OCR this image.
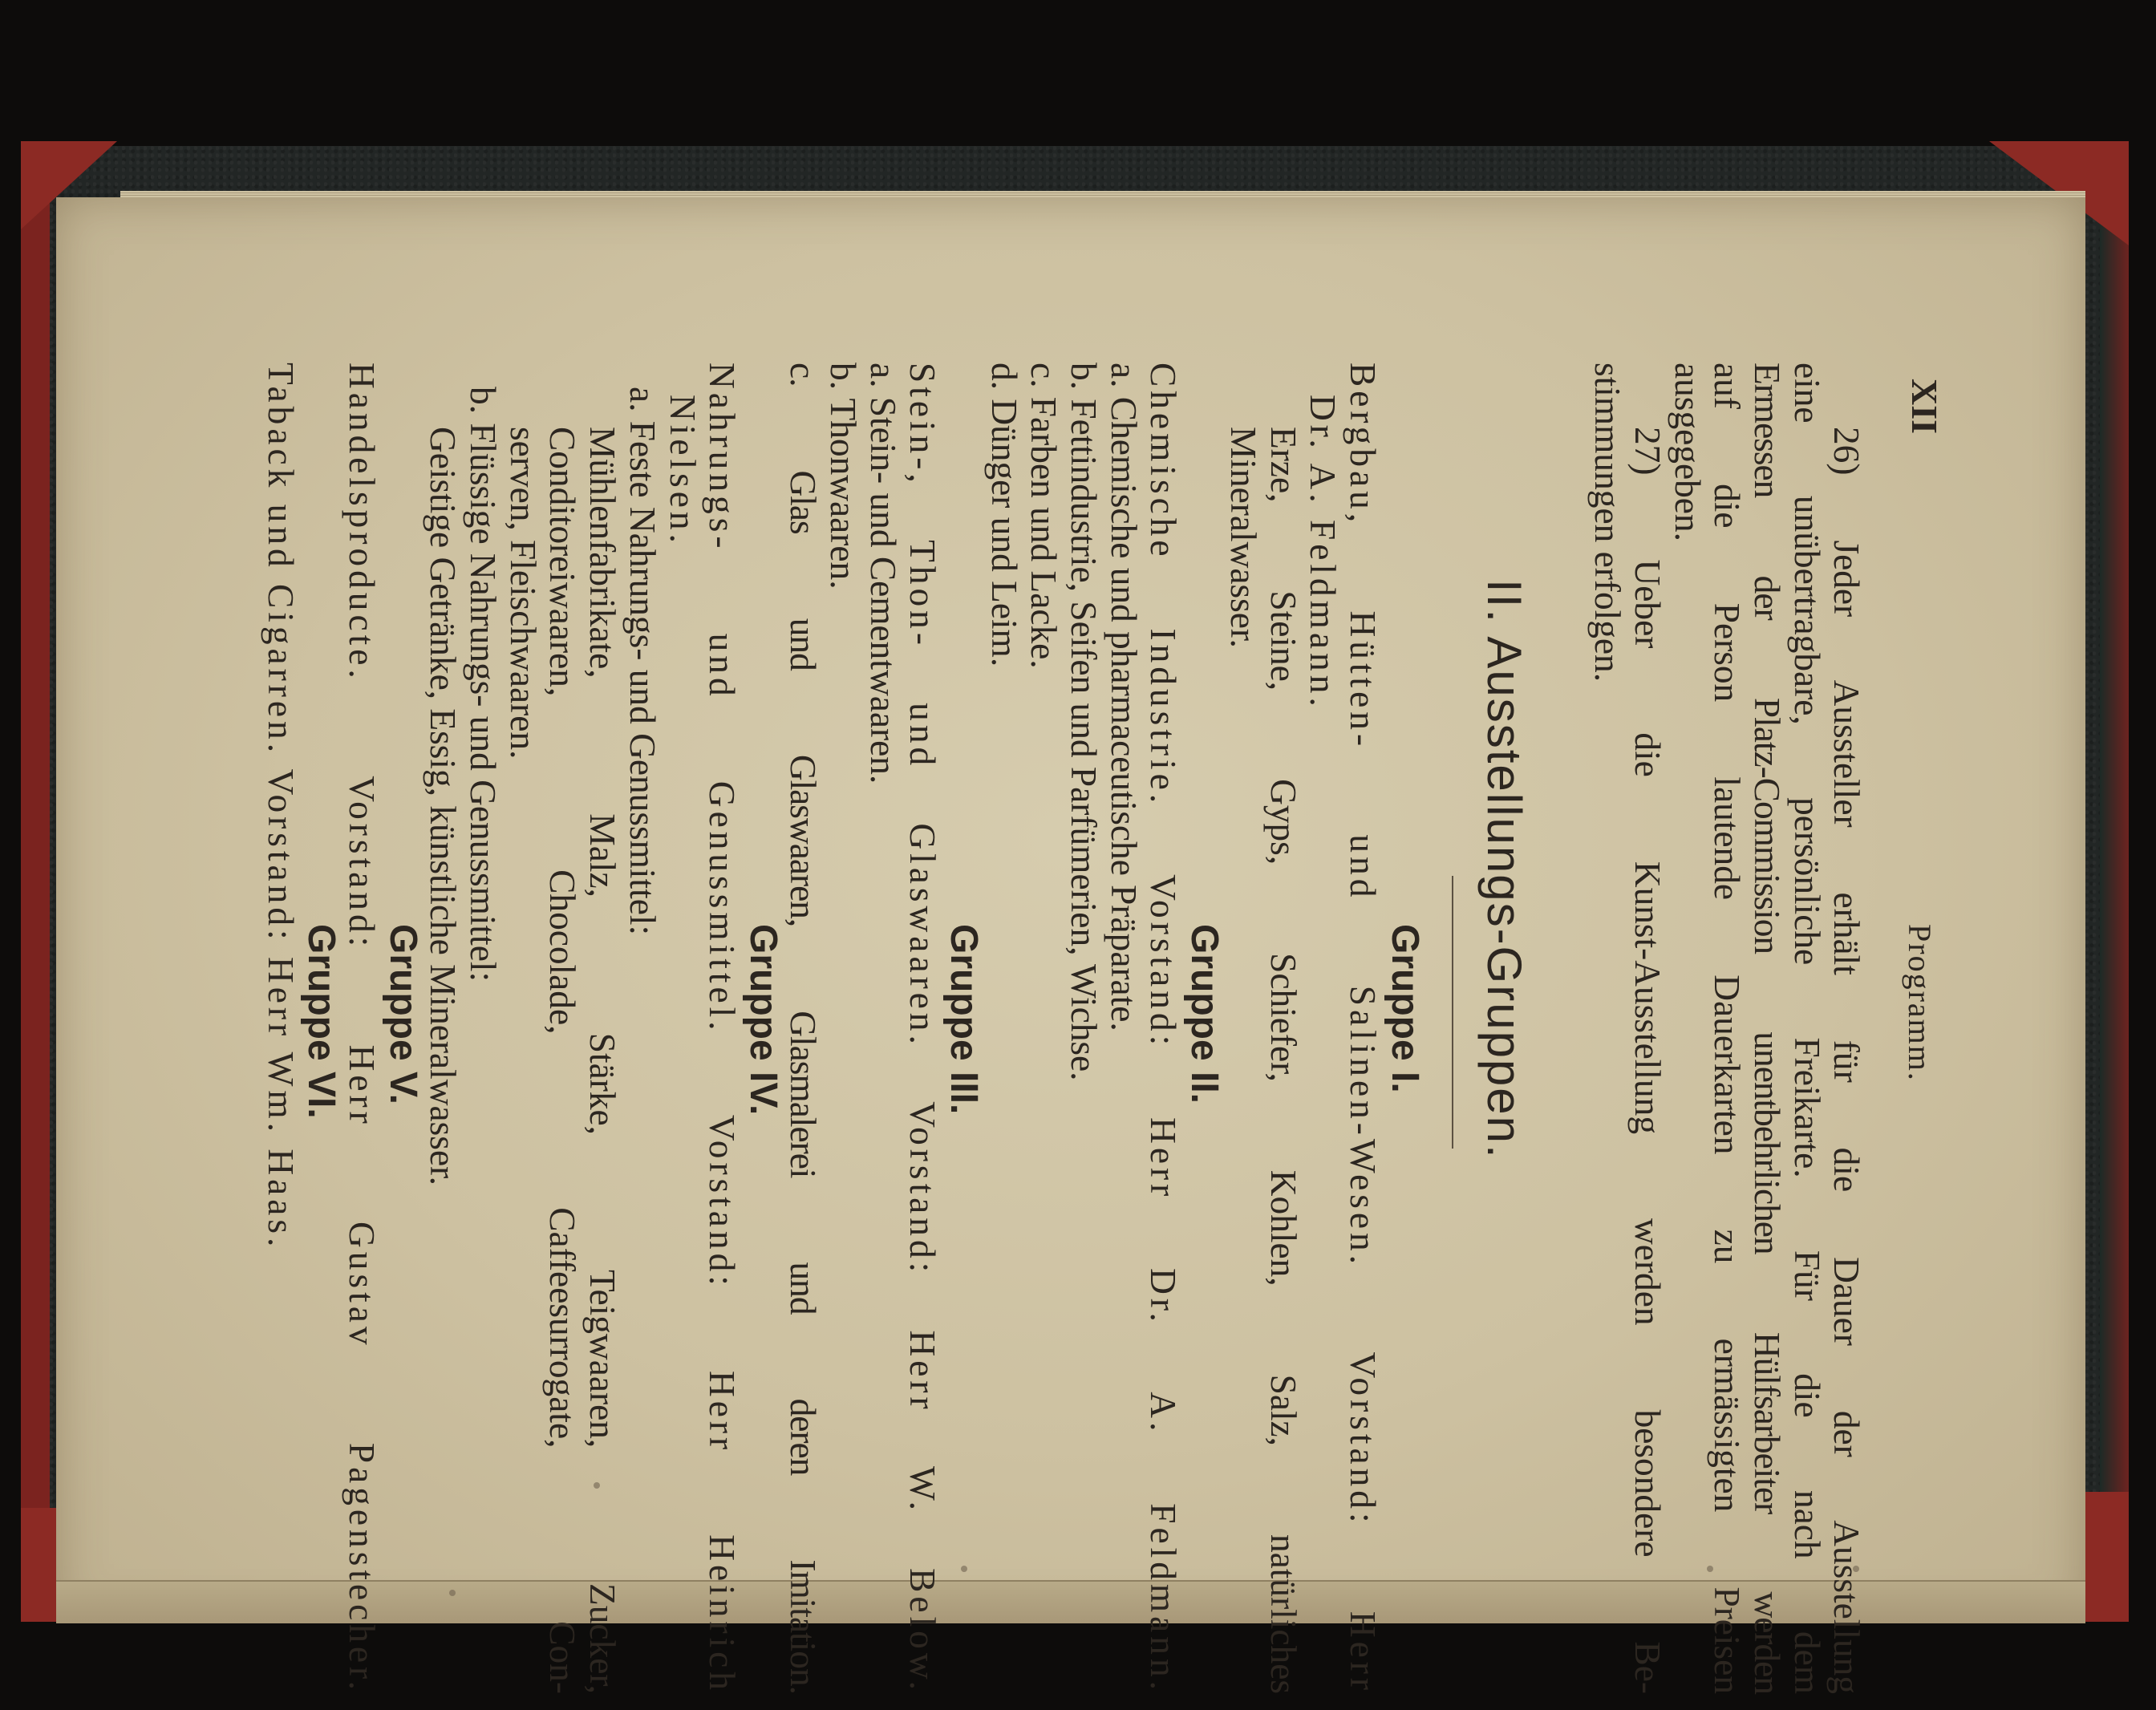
XII
Programm.
26) Jeder Aussteller erhält für die Dauer der Ausstellung
eine unübertragbare, persönliche Freikarte. Für die nach dem
Ermessen der Platz-Commission unentbehrlichen Hülfsarbeiter werden
auf die Person lautende Dauerkarten zu ermässigten Preisen
ausgegeben.
27) Ueber die Kunst-Ausstellung werden besondere Be-
stimmungen erfolgen.
II. Ausstellungs-Gruppen.
Gruppe I.
Bergbau, Hütten- und Salinen-Wesen. Vorstand: Herr
Dr. A. Feldmann.
Erze, Steine, Gyps, Schiefer, Kohlen, Salz, natürliches
Mineralwasser.
Gruppe II.
Chemische Industrie. Vorstand: Herr Dr. A. Feldmann.
a. Chemische und pharmaceutische Präparate.
b. Fettindustrie, Seifen und Parfümerien, Wichse.
c. Farben und Lacke.
d. Dünger und Leim.
Gruppe III.
Stein-, Thon- und Glaswaaren. Vorstand: Herr W. Below.
a. Stein- und Cementwaaren.
b. Thonwaaren.
c. Glas und Glaswaaren, Glasmalerei und deren Imitation.
Gruppe IV.
Nahrungs- und Genussmittel. Vorstand: Herr Heinrich
Nielsen.
a. Feste Nahrungs- und Genussmittel:
Mühlenfabrikate, Malz, Stärke, Teigwaaren, Zucker,
Conditoreiwaaren, Chocolade, Caffeesurrogate, Con-
serven, Fleischwaaren.
b. Flüssige Nahrungs- und Genussmittel:
Geistige Getränke, Essig, künstliche Mineralwasser.
Gruppe V.
Handelsproducte. Vorstand: Herr Gustav Pagenstecher.
Gruppe VI.
Taback und Cigarren. Vorstand: Herr Wm. Haas.
